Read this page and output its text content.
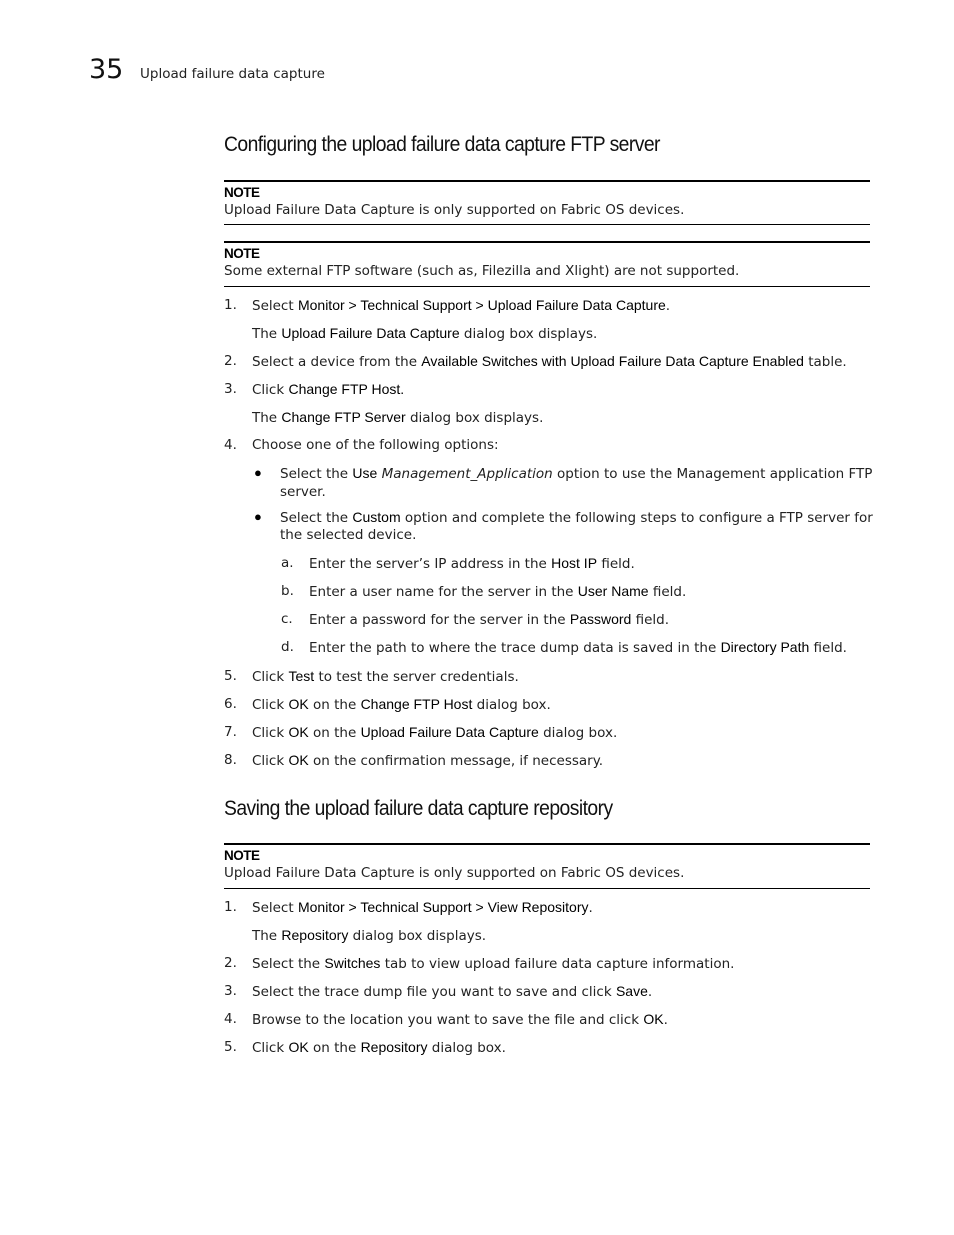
35 Upload failure data capture
Configuring the upload failure data capture FTP server
NOTE
Upload Failure Data Capture is only supported on Fabric OS devices.
NOTE
Some external FTP software (such as, Filezilla and Xlight) are not supported.
1. Select Monitor > Technical Support > Upload Failure Data Capture.
The Upload Failure Data Capture dialog box displays.
2. Select a device from the Available Switches with Upload Failure Data Capture Enabled table.
3. Click Change FTP Host.
The Change FTP Server dialog box displays.
4. Choose one of the following options:
● Select the Use Management_Application option to use the Management application FTP
server.
● Select the Custom option and complete the following steps to configure a FTP server for
the selected device.
a. Enter the server’s IP address in the Host IP field.
b. Enter a user name for the server in the User Name field.
c. Enter a password for the server in the Password field.
d. Enter the path to where the trace dump data is saved in the Directory Path field.
5. Click Test to test the server credentials.
6. Click OK on the Change FTP Host dialog box.
7. Click OK on the Upload Failure Data Capture dialog box.
8. Click OK on the confirmation message, if necessary.
Saving the upload failure data capture repository
NOTE
Upload Failure Data Capture is only supported on Fabric OS devices.
1. Select Monitor > Technical Support > View Repository.
The Repository dialog box displays.
2. Select the Switches tab to view upload failure data capture information.
3. Select the trace dump file you want to save and click Save.
4. Browse to the location you want to save the file and click OK.
5. Click OK on the Repository dialog box.
